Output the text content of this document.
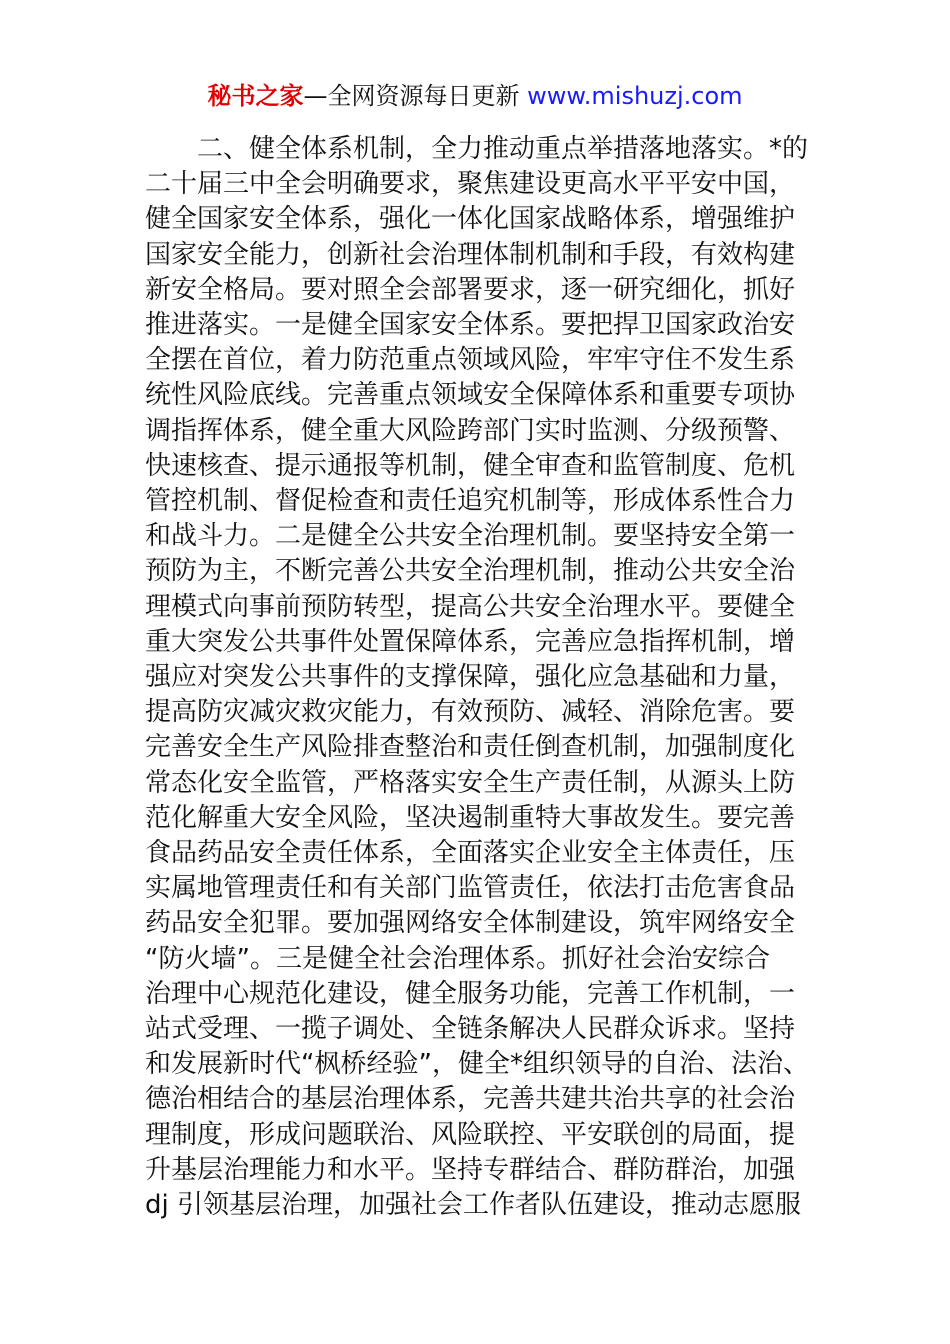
秘书之家—全网资源每日更新 www.mishuzj.com
二、健全体系机制，全力推动重点举措落地落实。*的
二十届三中全会明确要求，聚焦建设更高水平平安中国，
健全国家安全体系，强化一体化国家战略体系，增强维护
国家安全能力，创新社会治理体制机制和手段，有效构建
新安全格局。要对照全会部署要求，逐一研究细化，抓好
推进落实。一是健全国家安全体系。要把捍卫国家政治安
全摆在首位，着力防范重点领域风险，牢牢守住不发生系
统性风险底线。完善重点领域安全保障体系和重要专项协
调指挥体系，健全重大风险跨部门实时监测、分级预警、
快速核查、提示通报等机制，健全审查和监管制度、危机
管控机制、督促检查和责任追究机制等，形成体系性合力
和战斗力。二是健全公共安全治理机制。要坚持安全第一
预防为主，不断完善公共安全治理机制，推动公共安全治
理模式向事前预防转型，提高公共安全治理水平。要健全
重大突发公共事件处置保障体系，完善应急指挥机制，增
强应对突发公共事件的支撑保障，强化应急基础和力量，
提高防灾减灾救灾能力，有效预防、减轻、消除危害。要
完善安全生产风险排查整治和责任倒查机制，加强制度化
常态化安全监管，严格落实安全生产责任制，从源头上防
范化解重大安全风险，坚决遏制重特大事故发生。要完善
食品药品安全责任体系，全面落实企业安全主体责任，压
实属地管理责任和有关部门监管责任，依法打击危害食品
药品安全犯罪。要加强网络安全体制建设，筑牢网络安全
“防火墙”。三是健全社会治理体系。抓好社会治安综合
治理中心规范化建设，健全服务功能，完善工作机制，一
站式受理、一揽子调处、全链条解决人民群众诉求。坚持
和发展新时代“枫桥经验”，健全*组织领导的自治、法治、
德治相结合的基层治理体系，完善共建共治共享的社会治
理制度，形成问题联治、风险联控、平安联创的局面，提
升基层治理能力和水平。坚持专群结合、群防群治，加强
dj 引领基层治理，加强社会工作者队伍建设，推动志愿服
